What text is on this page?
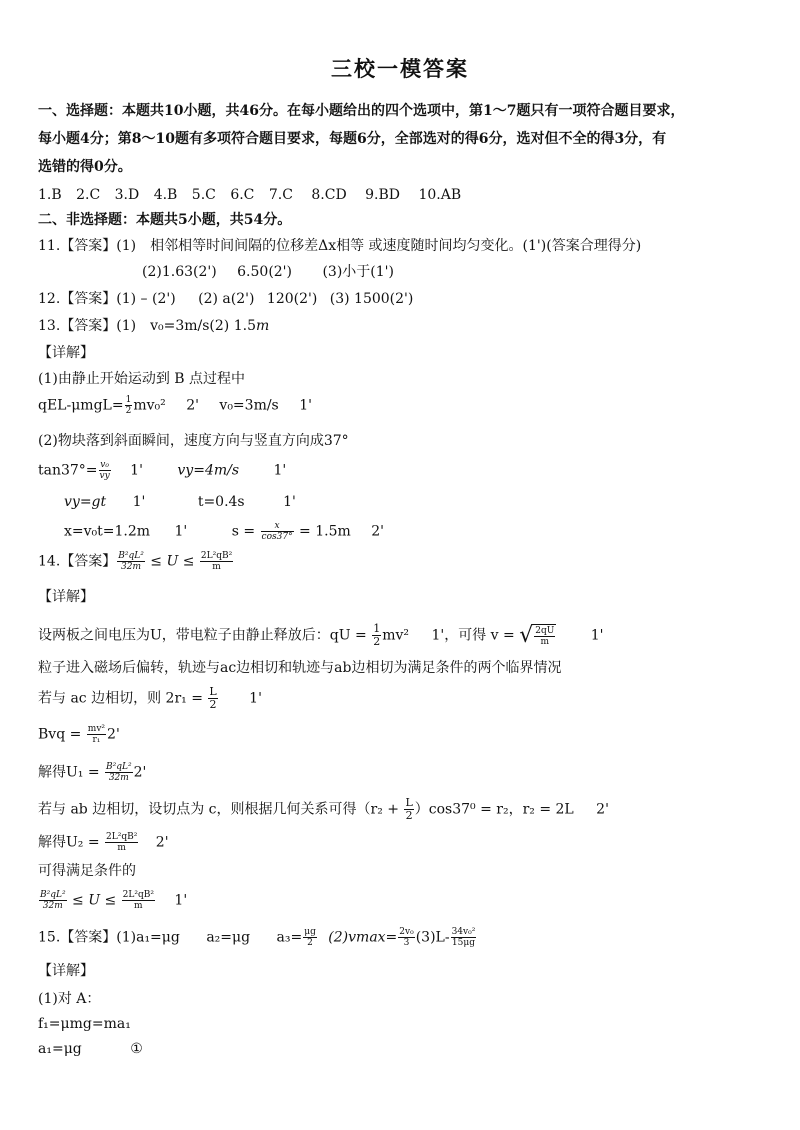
三校一模答案
一、选择题：本题共10小题，共46分。在每小题给出的四个选项中，第1～7题只有一项符合题目要求，
每小题4分；第8～10题有多项符合题目要求，每题6分，全部选对的得6分，选对但不全的得3分，有
选错的得0分。
1.B 2.C 3.D 4.B 5.C 6.C 7.C 8.CD 9.BD 10.AB
二、非选择题：本题共5小题，共54分。
11.【答案】(1)　相邻相等时间间隔的位移差Δx相等 或速度随时间均匀变化。(1')(答案合理得分)
(2)1.63(2') 6.50(2') (3)小于(1')
12.【答案】(1) – (2') (2) a(2') 120(2') (3) 1500(2')
13.【答案】(1)　v₀=3m/s(2) 1.5m
【详解】
(1)由静止开始运动到 B 点过程中
$qEL-\mu mgL= \frac{1}{2} mv_0^2$ 2' v₀=3m/s 1'
(2)物块落到斜面瞬间，速度方向与竖直方向成37°
$\tan 37^\circ= \frac{\text{v₀}}{vy} 1'$ vy=4m/s 1'
vy=gt 1'	t=0.4s	1'
x=v₀t=1.2m 1'	$s = \frac{x}{\cos 37^\circ} = 1.5m$ 2'
14.【答案】 $\frac{\text{B²qL²}}{32m} \le U \le \frac{\text{2L²qB²}}{m}$
【详解】
设两板之间电压为U，带电粒子由静止释放后：qU = $\frac{1}{2} mv^2$ 1'，可得 v = √ $\frac{2qU}{m}$	1'
粒子进入磁场后偏转，轨迹与ac边相切和轨迹与ab边相切为满足条件的两个临界情况
若与 ac 边相切，则 $2r_1 = \frac{L}{2} 1'$
Bvq = $\frac{\text{mv²}}{\text{r₁}} 2'$
解得$U_1 = \frac{\text{B²qL²}}{32m} 2'$
若与 ab 边相切，设切点为 c，则根据几何关系可得$(r_2 + \frac{L}{2} )\cos 37^0 = r_2$，r₂ = 2L 2'
解得$U_2 = \frac{\text{2L²qB²}}{m} 2'$
可得满足条件的
$\frac{\text{B²qL²}}{32m} \le U \le \frac{\text{2L²qB²}}{m} 1'$
15.【答案】(1)a₁=μg a₂=μg $a_3= \frac{\mu g}{2} (2)vmax= \frac{\text{2v₀}}{3} (3)L- \frac{\text{34v₀²}}{15\mu g}$
【详解】
(1)对 A：
f₁=μmg=ma₁
a₁=μg	①
